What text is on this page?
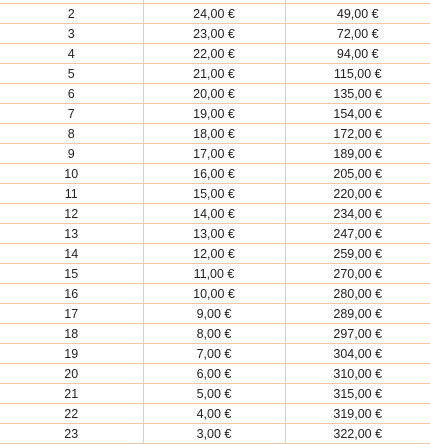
2	24,00 €	49,00 €
3	23,00 €	72,00 €
4	22,00 €	94,00 €
5	21,00 €	115,00 €
6	20,00 €	135,00 €
7	19,00 €	154,00 €
8	18,00 €	172,00 €
9	17,00 €	189,00 €
10	16,00 €	205,00 €
11	15,00 €	220,00 €
12	14,00 €	234,00 €
13	13,00 €	247,00 €
14	12,00 €	259,00 €
15	11,00 €	270,00 €
16	10,00 €	280,00 €
17	9,00 €	289,00 €
18	8,00 €	297,00 €
19	7,00 €	304,00 €
20	6,00 €	310,00 €
21	5,00 €	315,00 €
22	4,00 €	319,00 €
23	3,00 €	322,00 €
